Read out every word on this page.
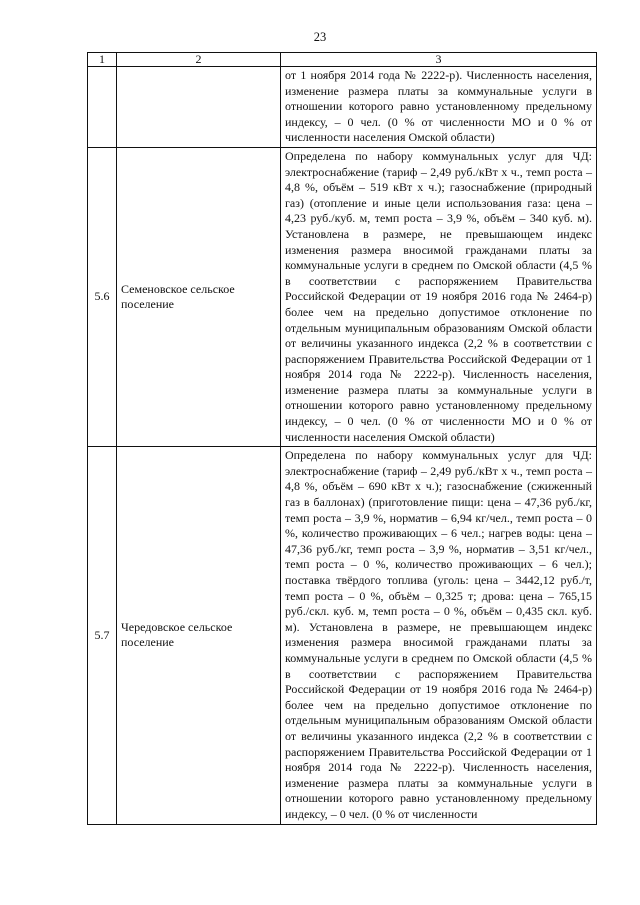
23
1	2	3
		от 1 ноября 2014 года № 2222-р). Численность населения, изменение размера платы за коммунальные услуги в отношении которого равно установленному предельному индексу, – 0 чел. (0 % от численности МО и 0 % от численности населения Омской области)
5.6	Семеновское сельское поселение	Определена по набору коммунальных услуг для ЧД: электроснабжение (тариф – 2,49 руб./кВт х ч., темп роста – 4,8 %, объём – 519 кВт х ч.); газоснабжение (природный газ) (отопление и иные цели использования газа: цена – 4,23 руб./куб. м, темп роста – 3,9 %, объём – 340 куб. м). Установлена в размере, не превышающем индекс изменения размера вносимой гражданами платы за коммунальные услуги в среднем по Омской области (4,5 % в соответствии с распоряжением Правительства Российской Федерации от 19 ноября 2016 года № 2464-р) более чем на предельно допустимое отклонение по отдельным муниципальным образованиям Омской области от величины указанного индекса (2,2 % в соответствии с распоряжением Правительства Российской Федерации от 1 ноября 2014 года № 2222-р). Численность населения, изменение размера платы за коммунальные услуги в отношении которого равно установленному предельному индексу, – 0 чел. (0 % от численности МО и 0 % от численности населения Омской области)
5.7	Чередовское сельское поселение	Определена по набору коммунальных услуг для ЧД: электроснабжение (тариф – 2,49 руб./кВт х ч., темп роста – 4,8 %, объём – 690 кВт х ч.); газоснабжение (сжиженный газ в баллонах) (приготовление пищи: цена – 47,36 руб./кг, темп роста – 3,9 %, норматив – 6,94 кг/чел., темп роста – 0 %, количество проживающих – 6 чел.; нагрев воды: цена – 47,36 руб./кг, темп роста – 3,9 %, норматив – 3,51 кг/чел., темп роста – 0 %, количество проживающих – 6 чел.); поставка твёрдого топлива (уголь: цена – 3442,12 руб./т, темп роста – 0 %, объём – 0,325 т; дрова: цена – 765,15 руб./скл. куб. м, темп роста – 0 %, объём – 0,435 скл. куб. м). Установлена в размере, не превышающем индекс изменения размера вносимой гражданами платы за коммунальные услуги в среднем по Омской области (4,5 % в соответствии с распоряжением Правительства Российской Федерации от 19 ноября 2016 года № 2464-р) более чем на предельно допустимое отклонение по отдельным муниципальным образованиям Омской области от величины указанного индекса (2,2 % в соответствии с распоряжением Правительства Российской Федерации от 1 ноября 2014 года № 2222-р). Численность населения, изменение размера платы за коммунальные услуги в отношении которого равно установленному предельному индексу, – 0 чел. (0 % от численности
